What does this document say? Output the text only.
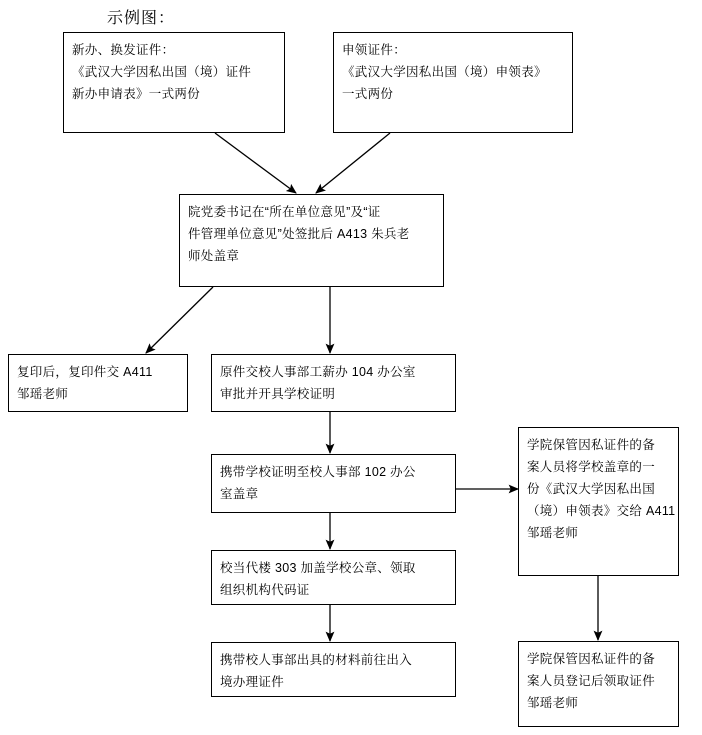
示例图：
新办、换发证件：
《武汉大学因私出国（境）证件
新办申请表》一式两份
申领证件：
《武汉大学因私出国（境）申领表》
一式两份
院党委书记在“所在单位意见”及“证
件管理单位意见”处签批后 A413 朱兵老
师处盖章
复印后，复印件交 A411
邹瑶老师
原件交校人事部工薪办 104 办公室
审批并开具学校证明
携带学校证明至校人事部 102 办公
室盖章
校当代楼 303 加盖学校公章、领取
组织机构代码证
携带校人事部出具的材料前往出入
境办理证件
学院保管因私证件的备
案人员将学校盖章的一
份《武汉大学因私出国
（境）申领表》交给 A411
邹瑶老师
学院保管因私证件的备
案人员登记后领取证件
邹瑶老师
